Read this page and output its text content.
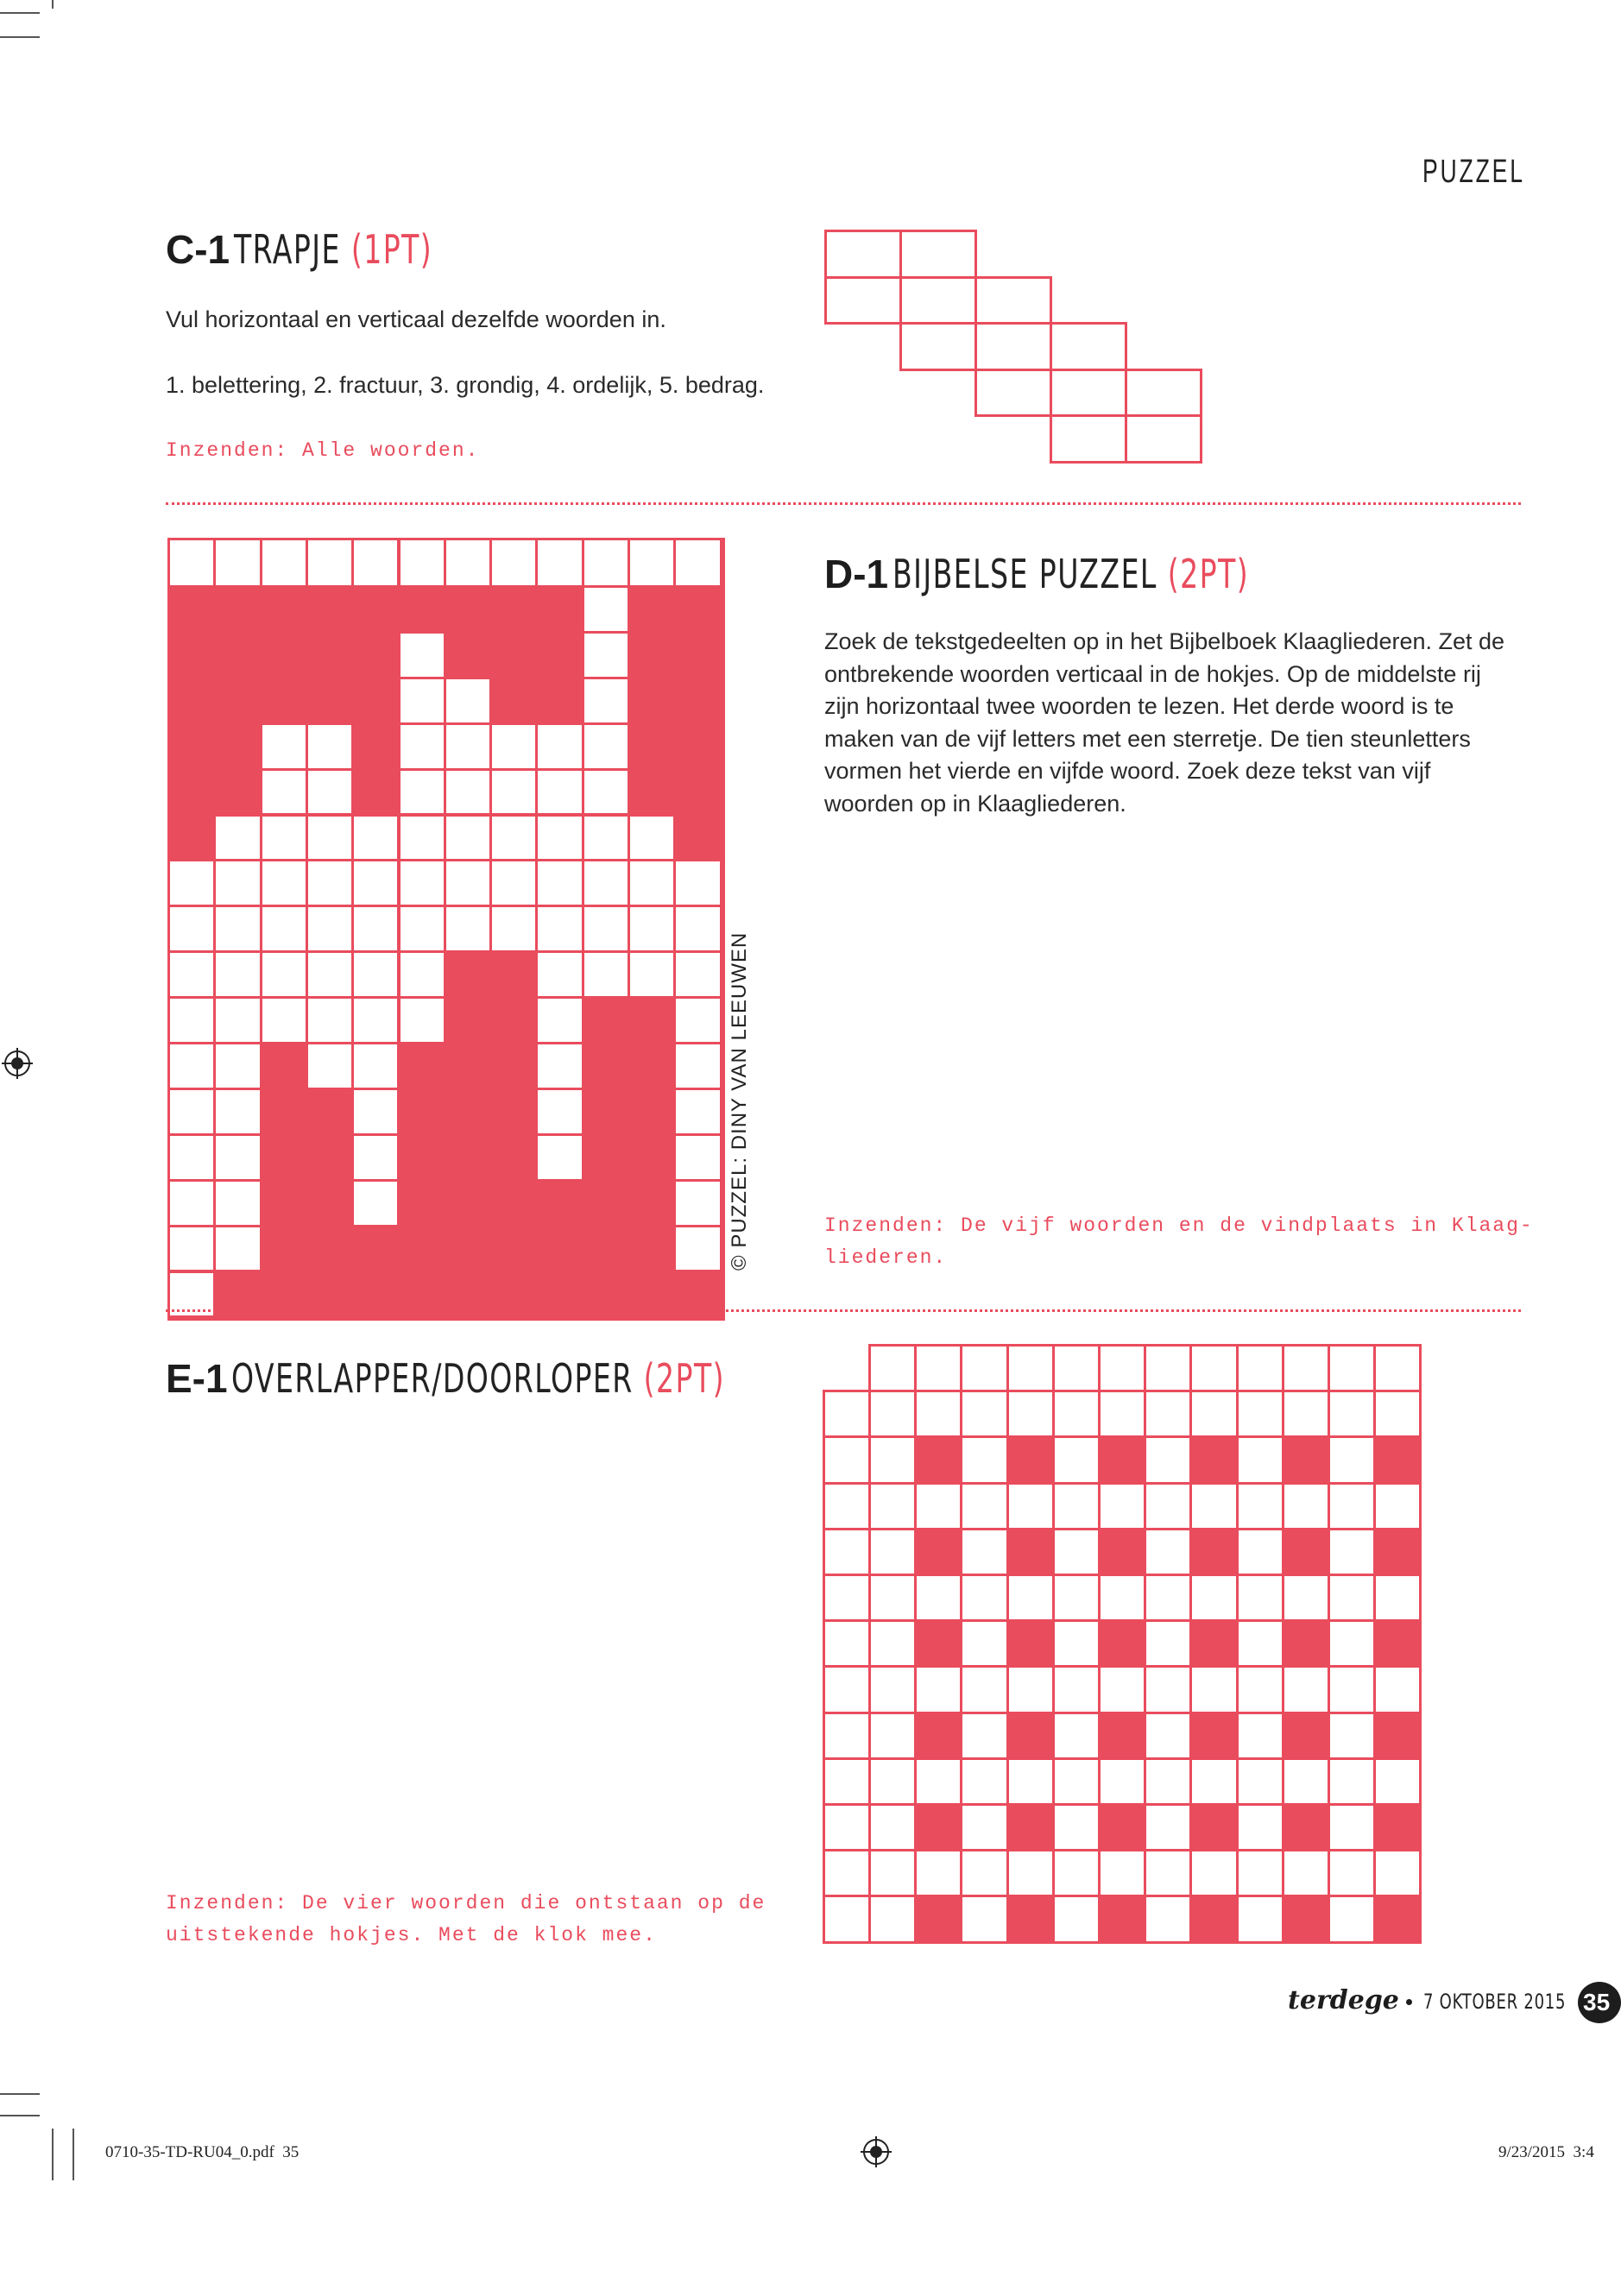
PUZZEL
C-1 TRAPJE (1PT)
Vul horizontaal en verticaal dezelfde woorden in.
1. belettering, 2. fractuur, 3. grondig, 4. ordelijk, 5. bedrag.
Inzenden: Alle woorden.
© PUZZEL: DINY VAN LEEUWEN
D-1 BIJBELSE PUZZEL (2PT)
Zoek de tekstgedeelten op in het Bijbelboek Klaagliederen. Zet de ontbrekende woorden verticaal in de hokjes. Op de middelste rij zijn horizontaal twee woorden te lezen. Het derde woord is te maken van de vijf letters met een sterretje. De tien steunletters vormen het vierde en vijfde woord. Zoek deze tekst van vijf woorden op in Klaagliederen.
Inzenden: De vijf woorden en de vindplaats in Klaag-
liederen.
E-1 OVERLAPPER/DOORLOPER (2PT)
Inzenden: De vier woorden die ontstaan op de
uitstekende hokjes. Met de klok mee.
terdege 7 OKTOBER 2015 35
0710-35-TD-RU04_0.pdf  35	9/23/2015  3:4
